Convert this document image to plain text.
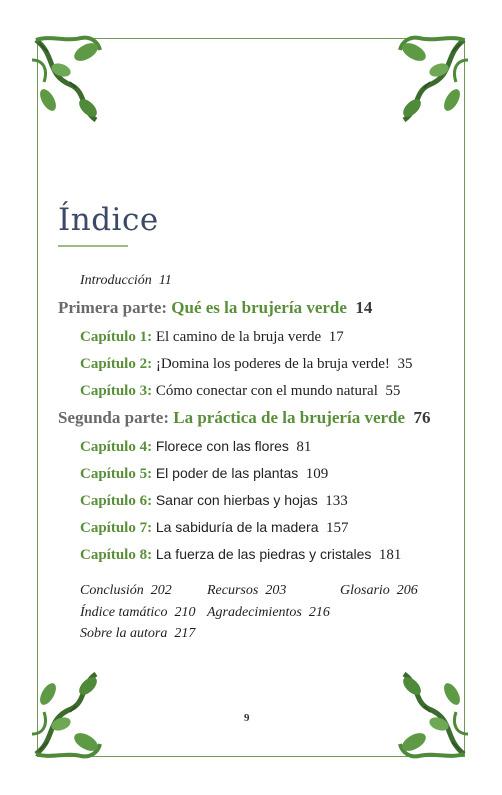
Índice
Introducción 11
Primera parte: Qué es la brujería verde 14
Capítulo 1: El camino de la bruja verde 17
Capítulo 2: ¡Domina los poderes de la bruja verde! 35
Capítulo 3: Cómo conectar con el mundo natural 55
Segunda parte: La práctica de la brujería verde 76
Capítulo 4: Florece con las flores 81
Capítulo 5: El poder de las plantas 109
Capítulo 6: Sanar con hierbas y hojas 133
Capítulo 7: La sabiduría de la madera 157
Capítulo 8: La fuerza de las piedras y cristales 181
Conclusión 202	Recursos 203	Glosario 206
Índice tamático 210 Agradecimientos 216
Sobre la autora 217
9
